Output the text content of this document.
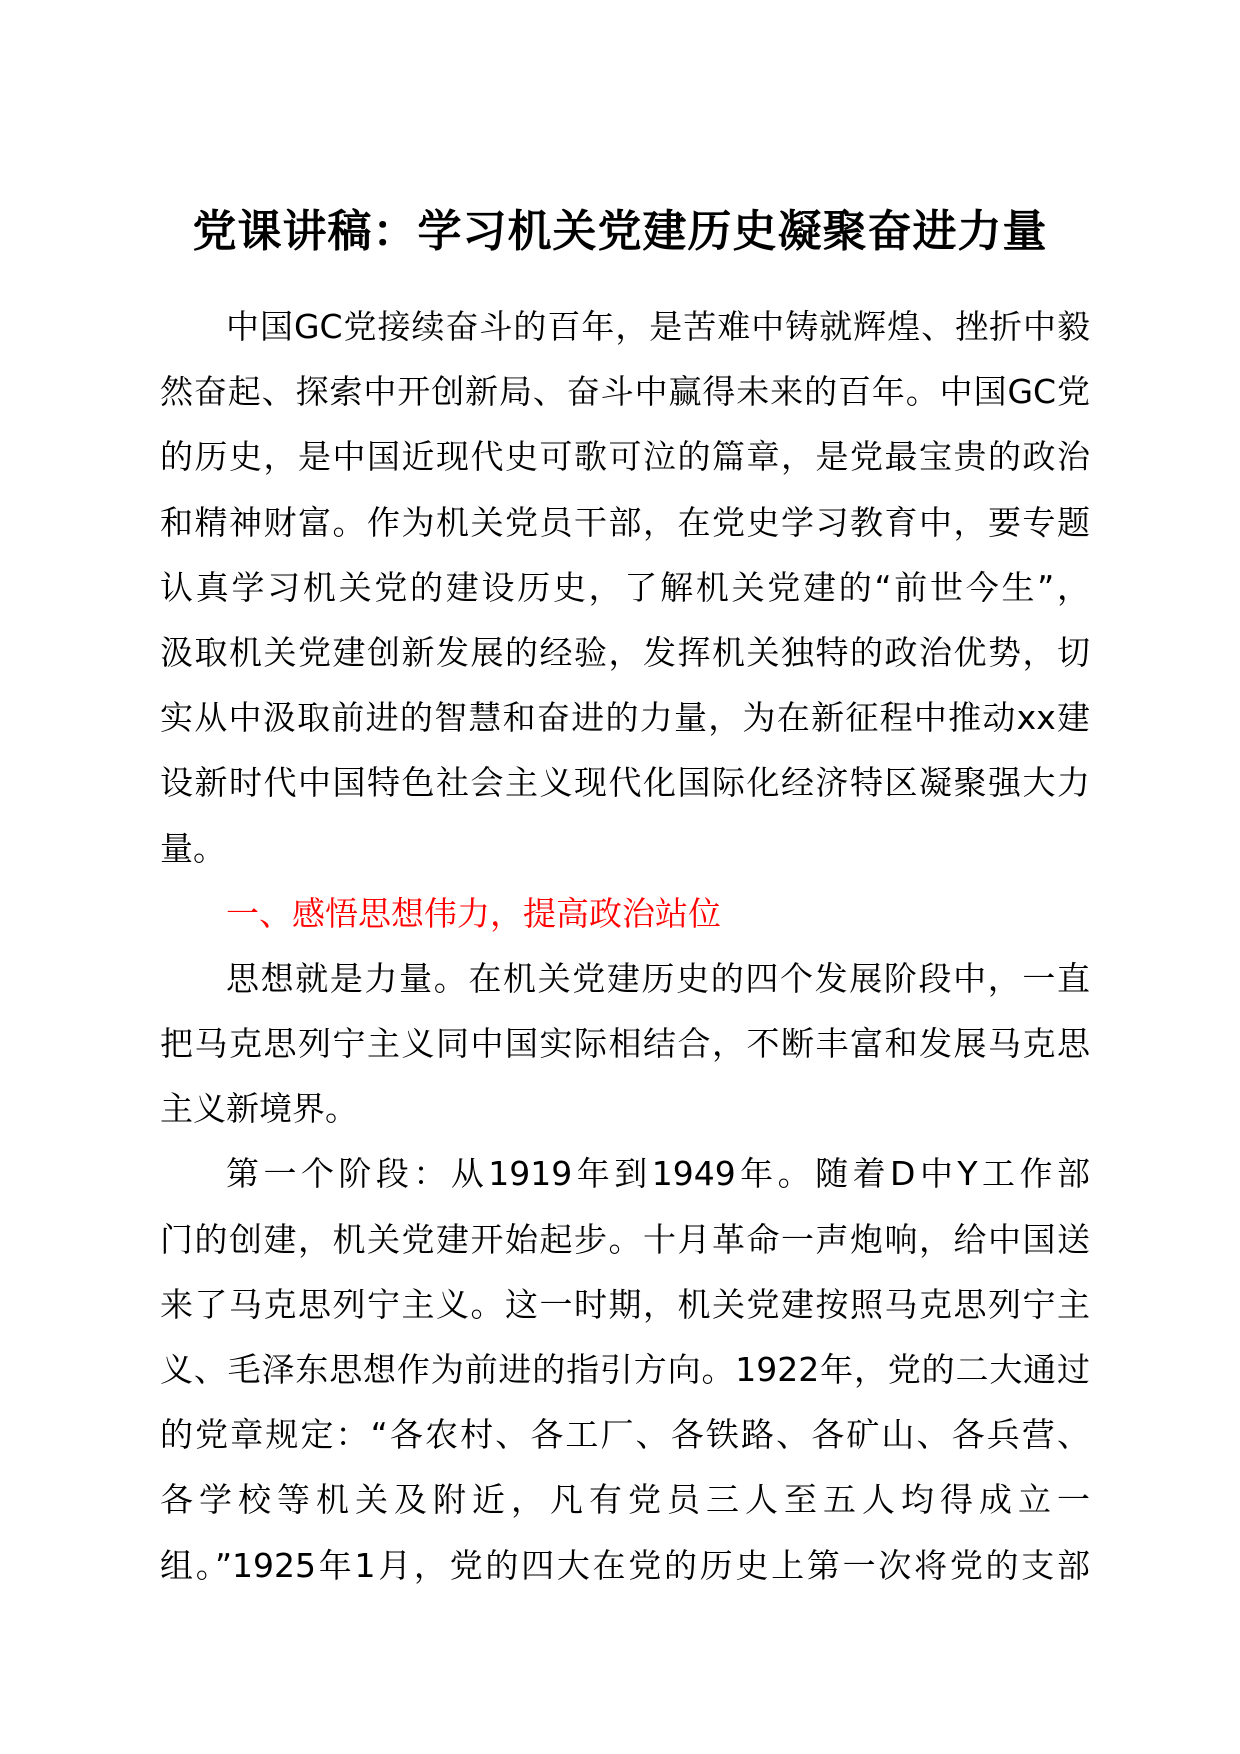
党课讲稿：学习机关党建历史凝聚奋进力量
中国GC党接续奋斗的百年，是苦难中铸就辉煌、挫折中毅
然奋起、探索中开创新局、奋斗中赢得未来的百年。中国GC党
的历史，是中国近现代史可歌可泣的篇章，是党最宝贵的政治
和精神财富。作为机关党员干部，在党史学习教育中，要专题
认真学习机关党的建设历史，了解机关党建的“前世今生”，
汲取机关党建创新发展的经验，发挥机关独特的政治优势，切
实从中汲取前进的智慧和奋进的力量，为在新征程中推动xx建
设新时代中国特色社会主义现代化国际化经济特区凝聚强大力
量。
一、感悟思想伟力，提高政治站位
思想就是力量。在机关党建历史的四个发展阶段中，一直
把马克思列宁主义同中国实际相结合，不断丰富和发展马克思
主义新境界。
第一个阶段：从1919年到1949年。随着D中Y工作部
门的创建，机关党建开始起步。十月革命一声炮响，给中国送
来了马克思列宁主义。这一时期，机关党建按照马克思列宁主
义、毛泽东思想作为前进的指引方向。1922年，党的二大通过
的党章规定：“各农村、各工厂、各铁路、各矿山、各兵营、
各学校等机关及附近，凡有党员三人至五人均得成立一
组。”1925年1月，党的四大在党的历史上第一次将党的支部
